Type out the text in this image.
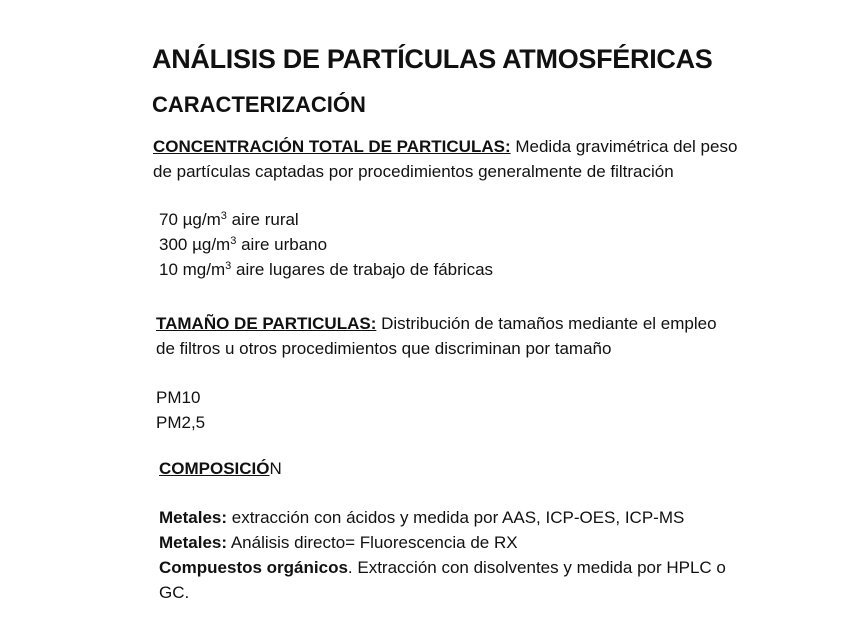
ANÁLISIS DE PARTÍCULAS ATMOSFÉRICAS
CARACTERIZACIÓN
CONCENTRACIÓN TOTAL DE PARTICULAS: Medida gravimétrica del peso
de partículas captadas por procedimientos generalmente de filtración
70 $\mu g/m^3$ aire rural
300 $\mu g/m^3$ aire urbano
10 $mg/m^3$ aire lugares de trabajo de fábricas
TAMAÑO DE PARTICULAS: Distribución de tamaños mediante el empleo
de filtros u otros procedimientos que discriminan por tamaño
PM10
PM2,5
COMPOSICIÓN
Metales: extracción con ácidos y medida por AAS, ICP-OES, ICP-MS
Metales: Análisis directo= Fluorescencia de RX
Compuestos orgánicos. Extracción con disolventes y medida por HPLC o
GC.
